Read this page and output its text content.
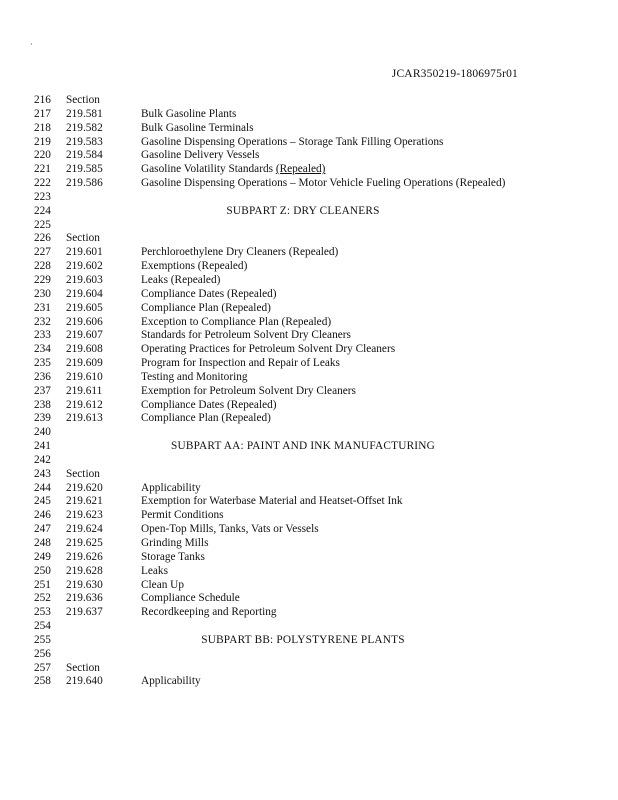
·
JCAR350219-1806975r01
216 Section
217 219.581	Bulk Gasoline Plants
218 219.582	Bulk Gasoline Terminals
219 219.583	Gasoline Dispensing Operations – Storage Tank Filling Operations
220 219.584	Gasoline Delivery Vessels
221 219.585	Gasoline Volatility Standards (Repealed)
222 219.586	Gasoline Dispensing Operations – Motor Vehicle Fueling Operations (Repealed)
223
224	SUBPART Z: DRY CLEANERS
225
226 Section
227 219.601	Perchloroethylene Dry Cleaners (Repealed)
228 219.602	Exemptions (Repealed)
229 219.603	Leaks (Repealed)
230 219.604	Compliance Dates (Repealed)
231 219.605	Compliance Plan (Repealed)
232 219.606	Exception to Compliance Plan (Repealed)
233 219.607	Standards for Petroleum Solvent Dry Cleaners
234 219.608	Operating Practices for Petroleum Solvent Dry Cleaners
235 219.609	Program for Inspection and Repair of Leaks
236 219.610	Testing and Monitoring
237 219.611	Exemption for Petroleum Solvent Dry Cleaners
238 219.612	Compliance Dates (Repealed)
239 219.613	Compliance Plan (Repealed)
240
241	SUBPART AA: PAINT AND INK MANUFACTURING
242
243 Section
244 219.620	Applicability
245 219.621	Exemption for Waterbase Material and Heatset-Offset Ink
246 219.623	Permit Conditions
247 219.624	Open-Top Mills, Tanks, Vats or Vessels
248 219.625	Grinding Mills
249 219.626	Storage Tanks
250 219.628	Leaks
251 219.630	Clean Up
252 219.636	Compliance Schedule
253 219.637	Recordkeeping and Reporting
254
255	SUBPART BB: POLYSTYRENE PLANTS
256
257 Section
258 219.640	Applicability
